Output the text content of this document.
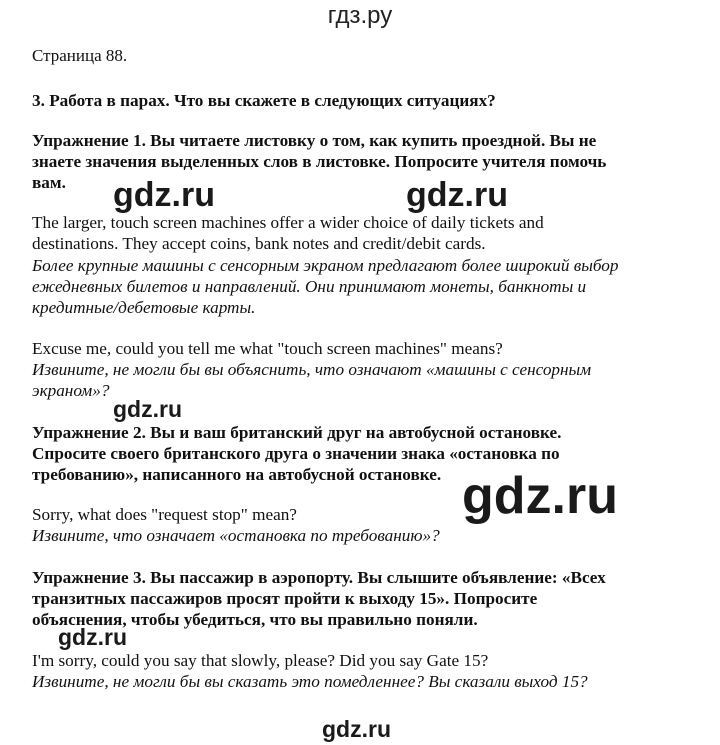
гдз.ру
Страница 88.
3. Работа в парах. Что вы скажете в следующих ситуациях?
Упражнение 1. Вы читаете листовку о том, как купить проездной. Вы не
знаете значения выделенных слов в листовке. Попросите учителя помочь
вам.
The larger, touch screen machines offer a wider choice of daily tickets and
destinations. They accept coins, bank notes and credit/debit cards.
Более крупные машины с сенсорным экраном предлагают более широкий выбор
ежедневных билетов и направлений. Они принимают монеты, банкноты и
кредитные/дебетовые карты.
Excuse me, could you tell me what "touch screen machines" means?
Извините, не могли бы вы объяснить, что означают «машины с сенсорным
экраном»?
Упражнение 2. Вы и ваш британский друг на автобусной остановке.
Спросите своего британского друга о значении знака «остановка по
требованию», написанного на автобусной остановке.
Sorry, what does "request stop" mean?
Извините, что означает «остановка по требованию»?
Упражнение 3. Вы пассажир в аэропорту. Вы слышите объявление: «Всех
транзитных пассажиров просят пройти к выходу 15». Попросите
объяснения, чтобы убедиться, что вы правильно поняли.
I'm sorry, could you say that slowly, please? Did you say Gate 15?
Извините, не могли бы вы сказать это помедленнее? Вы сказали выход 15?
gdz.ru	gdz.ru
gdz.ru
gdz.ru
gdz.ru
gdz.ru
